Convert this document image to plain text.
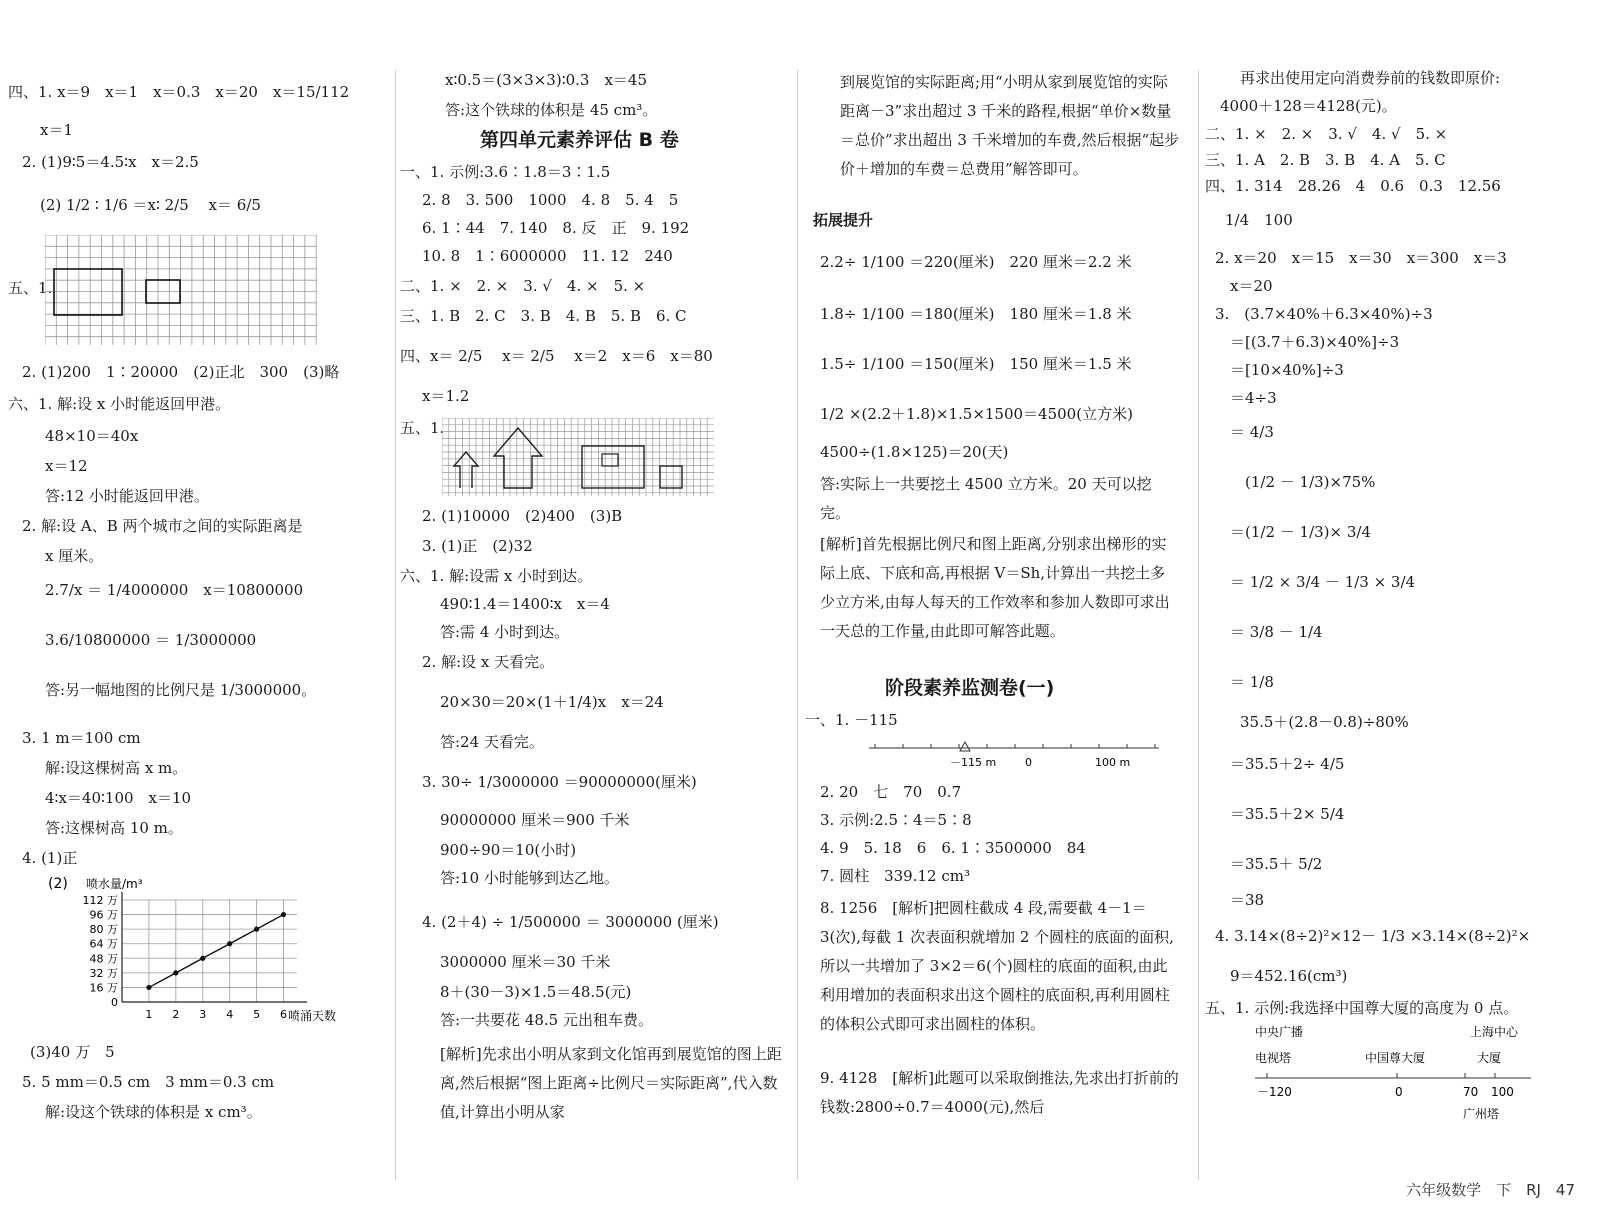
四、1. x＝9　x＝1　x＝0.3　x＝20　x＝15/112
x＝1
2. (1)9∶5＝4.5∶x　x＝2.5
(2) 1/2 ∶ 1/6 ＝x∶ 2/5 　x＝ 6/5
五、1.
2. (1)200　1∶20000　(2)正北　300　(3)略
六、1. 解:设 x 小时能返回甲港。
48×10＝40x
x＝12
答:12 小时能返回甲港。
2. 解:设 A、B 两个城市之间的实际距离是
x 厘米。
2.7/x ＝ 1/4000000　x＝10800000
3.6/10800000 ＝ 1/3000000
答:另一幅地图的比例尺是 1/3000000。
3. 1 m＝100 cm
解:设这棵树高 x m。
4∶x＝40∶100　x＝10
答:这棵树高 10 m。
4. (1)正
(2) 喷水量/m³
喷涌天数
112 万
96 万
80 万
64 万
48 万
32 万
16 万
0
1 2 3 4 5 6
(3)40 万　5
5. 5 mm＝0.5 cm　3 mm＝0.3 cm
解:设这个铁球的体积是 x cm³。
x∶0.5＝(3×3×3)∶0.3　x＝45
答:这个铁球的体积是 45 cm³。
第四单元素养评估 B 卷
一、1. 示例:3.6∶1.8＝3∶1.5
2. 8　3. 500　1000　4. 8　5. 4　5
6. 1∶44　7. 140　8. 反　正　9. 192
10. 8　1∶6000000　11. 12　240
二、1. ×　2. ×　3. √　4. ×　5. ×
三、1. B　2. C　3. B　4. B　5. B　6. C
四、x＝ 2/5 　x＝ 2/5 　x＝2　x＝6　x＝80
x＝1.2
五、1.
2. (1)10000　(2)400　(3)B
3. (1)正　(2)32
六、1. 解:设需 x 小时到达。
490∶1.4＝1400∶x　x＝4
答:需 4 小时到达。
2. 解:设 x 天看完。
20×30＝20×(1＋1/4)x　x＝24
答:24 天看完。
3. 30÷ 1/3000000 ＝90000000(厘米)
90000000 厘米＝900 千米
900÷90＝10(小时)
答:10 小时能够到达乙地。
4. (2＋4) ÷ 1/500000 ＝ 3000000 (厘米)
3000000 厘米＝30 千米
8＋(30－3)×1.5＝48.5(元)
答:一共要花 48.5 元出租车费。
[解析]先求出小明从家到文化馆再到展览馆的图上距离,然后根据“图上距离÷比例尺＝实际距离”,代入数值,计算出小明从家
到展览馆的实际距离;用“小明从家到展览馆的实际距离－3”求出超过 3 千米的路程,根据“单价×数量＝总价”求出超出 3 千米增加的车费,然后根据“起步价＋增加的车费＝总费用”解答即可。
拓展提升
2.2÷ 1/100 ＝220(厘米)　220 厘米＝2.2 米
1.8÷ 1/100 ＝180(厘米)　180 厘米＝1.8 米
1.5÷ 1/100 ＝150(厘米)　150 厘米＝1.5 米
1/2 ×(2.2＋1.8)×1.5×1500＝4500(立方米)
4500÷(1.8×125)＝20(天)
答:实际上一共要挖土 4500 立方米。20 天可以挖完。
[解析]首先根据比例尺和图上距离,分别求出梯形的实际上底、下底和高,再根据 V＝Sh,计算出一共挖土多少立方米,由每人每天的工作效率和参加人数即可求出一天总的工作量,由此即可解答此题。
阶段素养监测卷(一)
一、1. －115
－115 m	0	100 m
2. 20　七　70　0.7
3. 示例:2.5∶4＝5∶8
4. 9　5. 18　6　6. 1∶3500000　84
7. 圆柱　339.12 cm³
8. 1256　[解析]把圆柱截成 4 段,需要截 4－1＝3(次),每截 1 次表面积就增加 2 个圆柱的底面的面积,所以一共增加了 3×2＝6(个)圆柱的底面的面积,由此利用增加的表面积求出这个圆柱的底面积,再利用圆柱的体积公式即可求出圆柱的体积。
9. 4128　[解析]此题可以采取倒推法,先求出打折前的钱数:2800÷0.7＝4000(元),然后
再求出使用定向消费券前的钱数即原价:
4000＋128＝4128(元)。
二、1. ×　2. ×　3. √　4. √　5. ×
三、1. A　2. B　3. B　4. A　5. C
四、1. 314　28.26　4　0.6　0.3　12.56
1/4　100
2. x＝20　x＝15　x＝30　x＝300　x＝3
x＝20
3.　(3.7×40%＋6.3×40%)÷3
＝[(3.7＋6.3)×40%]÷3
＝[10×40%]÷3
＝4÷3
＝ 4/3
(1/2 － 1/3)×75%
＝(1/2 － 1/3)× 3/4
＝ 1/2 × 3/4 － 1/3 × 3/4
＝ 3/8 － 1/4
＝ 1/8
35.5＋(2.8－0.8)÷80%
＝35.5＋2÷ 4/5
＝35.5＋2× 5/4
＝35.5＋ 5/2
＝38
4. 3.14×(8÷2)²×12－ 1/3 ×3.14×(8÷2)²×
9＝452.16(cm³)
五、1. 示例:我选择中国尊大厦的高度为 0 点。
中央广播	上海中心
电视塔	中国尊大厦	大厦
－120	0	70 100
广州塔
六年级数学　下　RJ　47
